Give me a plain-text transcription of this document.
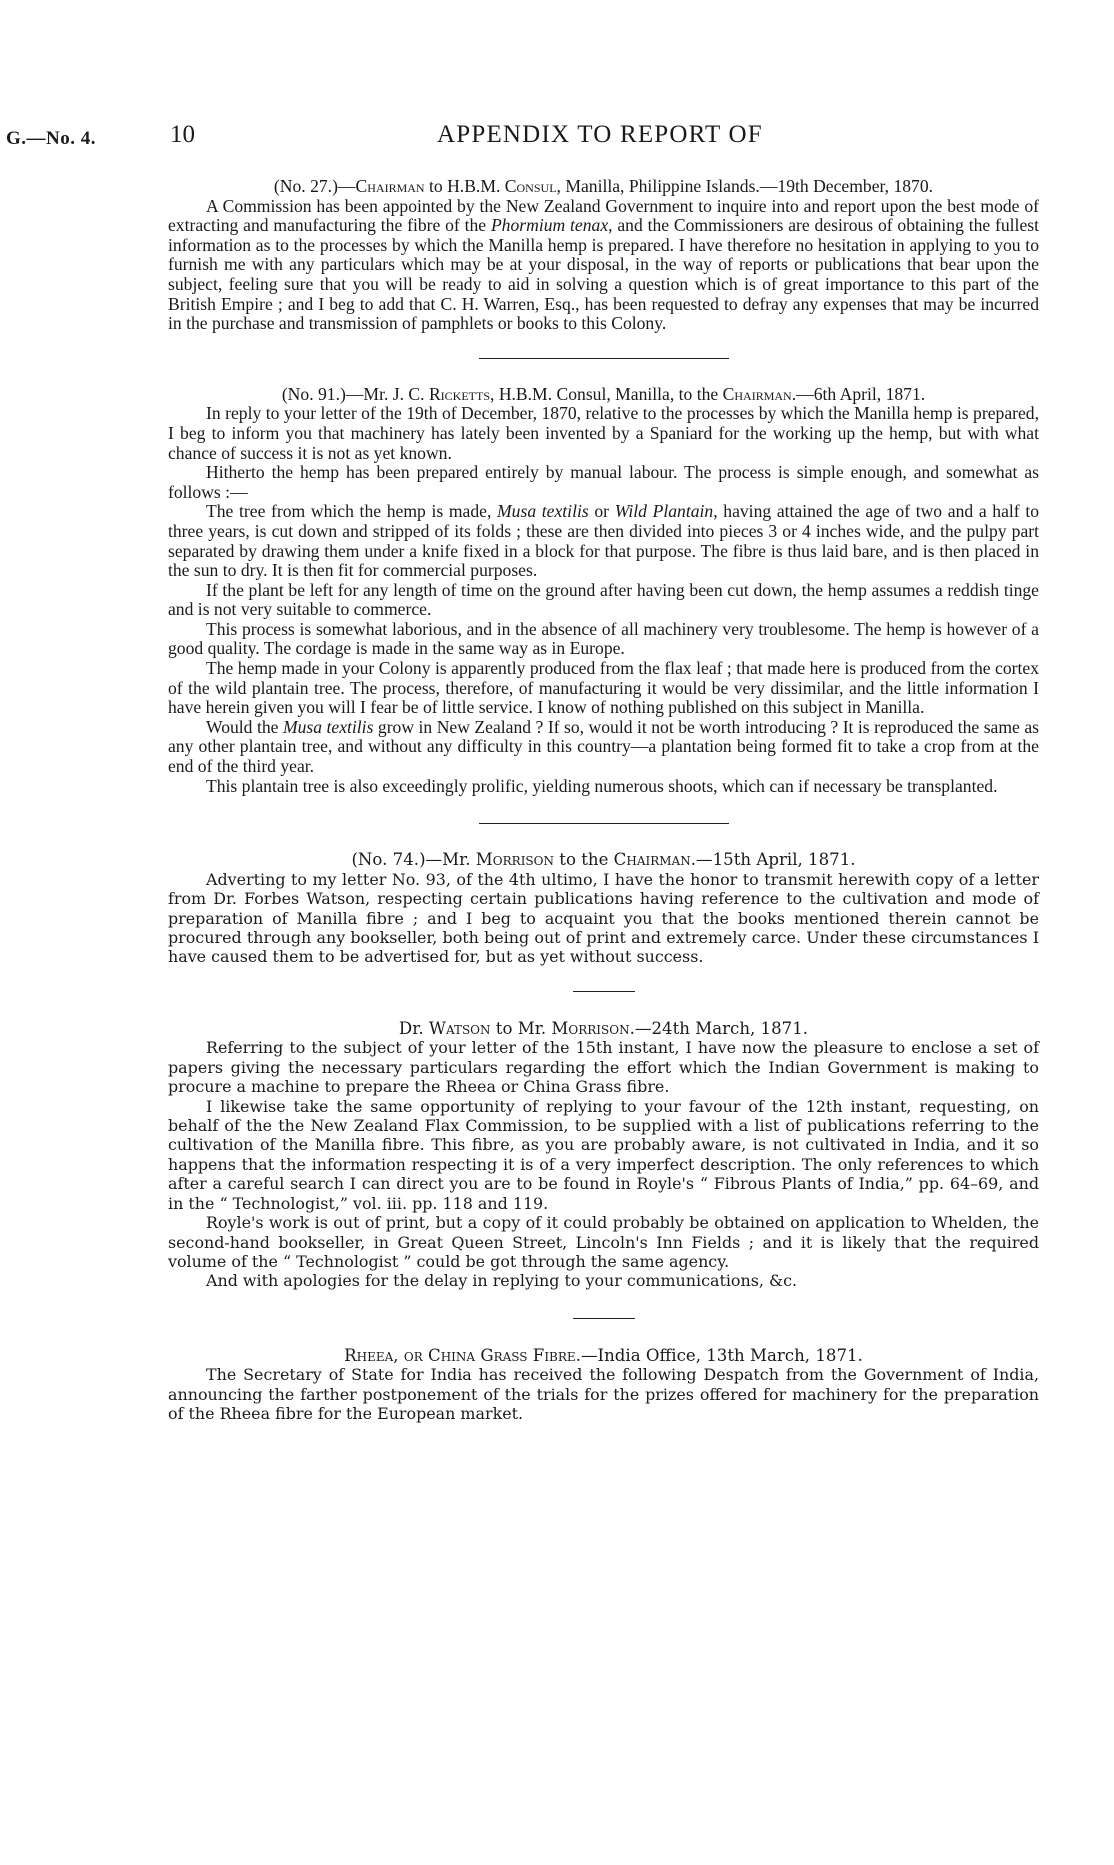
G.—No. 4.	10	APPENDIX TO REPORT OF

(No. 27.)—Chairman to H.B.M. Consul, Manilla, Philippine Islands.—19th December, 1870.

A Commission has been appointed by the New Zealand Government to inquire into and report upon the best mode of extracting and manufacturing the fibre of the Phormium tenax, and the Commissioners are desirous of obtaining the fullest information as to the processes by which the Manilla hemp is prepared. I have therefore no hesitation in applying to you to furnish me with any particulars which may be at your disposal, in the way of reports or publications that bear upon the subject, feeling sure that you will be ready to aid in solving a question which is of great importance to this part of the British Empire ; and I beg to add that C. H. Warren, Esq., has been requested to defray any expenses that may be incurred in the purchase and transmission of pamphlets or books to this Colony.

(No. 91.)—Mr. J. C. Ricketts, H.B.M. Consul, Manilla, to the Chairman.—6th April, 1871.

In reply to your letter of the 19th of December, 1870, relative to the processes by which the Manilla hemp is prepared, I beg to inform you that machinery has lately been invented by a Spaniard for the working up the hemp, but with what chance of success it is not as yet known.

Hitherto the hemp has been prepared entirely by manual labour. The process is simple enough, and somewhat as follows :—

The tree from which the hemp is made, Musa textilis or Wild Plantain, having attained the age of two and a half to three years, is cut down and stripped of its folds ; these are then divided into pieces 3 or 4 inches wide, and the pulpy part separated by drawing them under a knife fixed in a block for that purpose. The fibre is thus laid bare, and is then placed in the sun to dry. It is then fit for commercial purposes.

If the plant be left for any length of time on the ground after having been cut down, the hemp assumes a reddish tinge and is not very suitable to commerce.

This process is somewhat laborious, and in the absence of all machinery very troublesome. The hemp is however of a good quality. The cordage is made in the same way as in Europe.

The hemp made in your Colony is apparently produced from the flax leaf ; that made here is produced from the cortex of the wild plantain tree. The process, therefore, of manufacturing it would be very dissimilar, and the little information I have herein given you will I fear be of little service. I know of nothing published on this subject in Manilla.

Would the Musa textilis grow in New Zealand ? If so, would it not be worth introducing ? It is reproduced the same as any other plantain tree, and without any difficulty in this country—a plantation being formed fit to take a crop from at the end of the third year.

This plantain tree is also exceedingly prolific, yielding numerous shoots, which can if necessary be transplanted.

(No. 74.)—Mr. Morrison to the Chairman.—15th April, 1871.

Adverting to my letter No. 93, of the 4th ultimo, I have the honor to transmit herewith copy of a letter from Dr. Forbes Watson, respecting certain publications having reference to the cultivation and mode of preparation of Manilla fibre ; and I beg to acquaint you that the books mentioned therein cannot be procured through any bookseller, both being out of print and extremely carce. Under these circumstances I have caused them to be advertised for, but as yet without success.

Dr. Watson to Mr. Morrison.—24th March, 1871.

Referring to the subject of your letter of the 15th instant, I have now the pleasure to enclose a set of papers giving the necessary particulars regarding the effort which the Indian Government is making to procure a machine to prepare the Rheea or China Grass fibre.

I likewise take the same opportunity of replying to your favour of the 12th instant, requesting, on behalf of the the New Zealand Flax Commission, to be supplied with a list of publications referring to the cultivation of the Manilla fibre. This fibre, as you are probably aware, is not cultivated in India, and it so happens that the information respecting it is of a very imperfect description. The only references to which after a careful search I can direct you are to be found in Royle's “ Fibrous Plants of India,” pp. 64–69, and in the “ Technologist,” vol. iii. pp. 118 and 119.

Royle's work is out of print, but a copy of it could probably be obtained on application to Whelden, the second-hand bookseller, in Great Queen Street, Lincoln's Inn Fields ; and it is likely that the required volume of the “ Technologist ” could be got through the same agency.

And with apologies for the delay in replying to your communications, &c.

Rheea, or China Grass Fibre.—India Office, 13th March, 1871.

The Secretary of State for India has received the following Despatch from the Government of India, announcing the farther postponement of the trials for the prizes offered for machinery for the preparation of the Rheea fibre for the European market.
